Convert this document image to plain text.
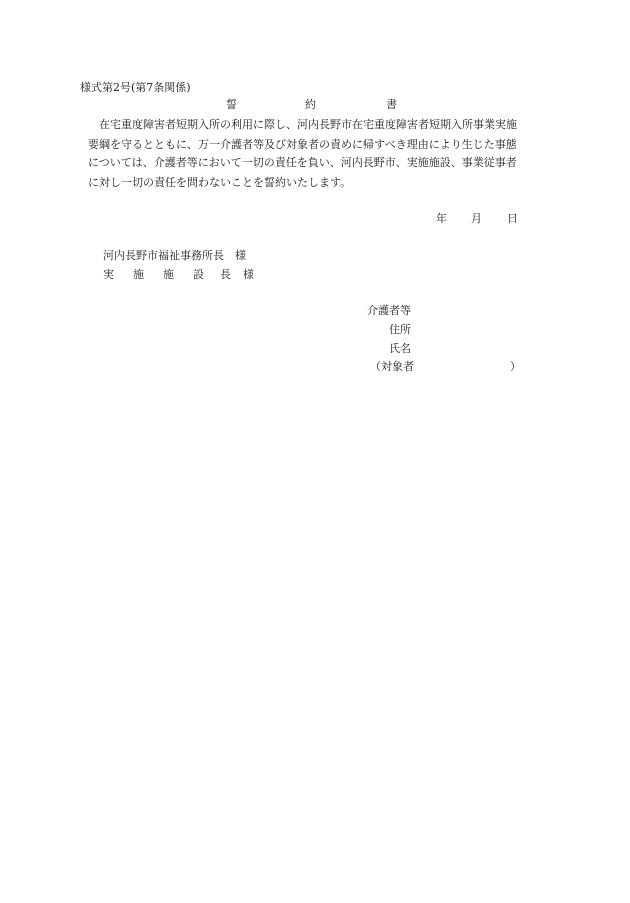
様式第2号(第7条関係)
誓	約	書
　在宅重度障害者短期入所の利用に際し、河内長野市在宅重度障害者短期入所事業実施
要綱を守るとともに、万一介護者等及び対象者の責めに帰すべき理由により生じた事態
については、介護者等において一切の責任を負い、河内長野市、実施施設、事業従事者
に対し一切の責任を問わないことを誓約いたします。
年 月 日
河内長野市福祉事務所長　様
実 施 施 設 長 様
介護者等
住所
氏名
（対象者	）
